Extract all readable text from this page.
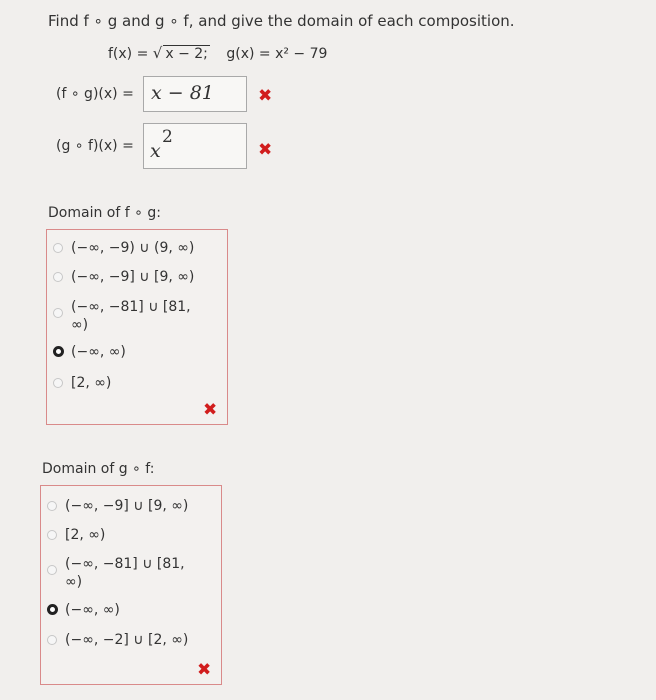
Find f ∘ g and g ∘ f, and give the domain of each composition.
f(x) = √ x − 2; g(x) = x² − 79
(f ∘ g)(x) = x − 81	✖
(g ∘ f)(x) = x
2
✖
Domain of f ∘ g:
(−∞, −9) ∪ (9, ∞)
(−∞, −9] ∪ [9, ∞)
(−∞, −81] ∪ [81,
∞)
(−∞, ∞)
[2, ∞)
✖
Domain of g ∘ f:
(−∞, −9] ∪ [9, ∞)
[2, ∞)
(−∞, −81] ∪ [81,
∞)
(−∞, ∞)
(−∞, −2] ∪ [2, ∞)
✖
